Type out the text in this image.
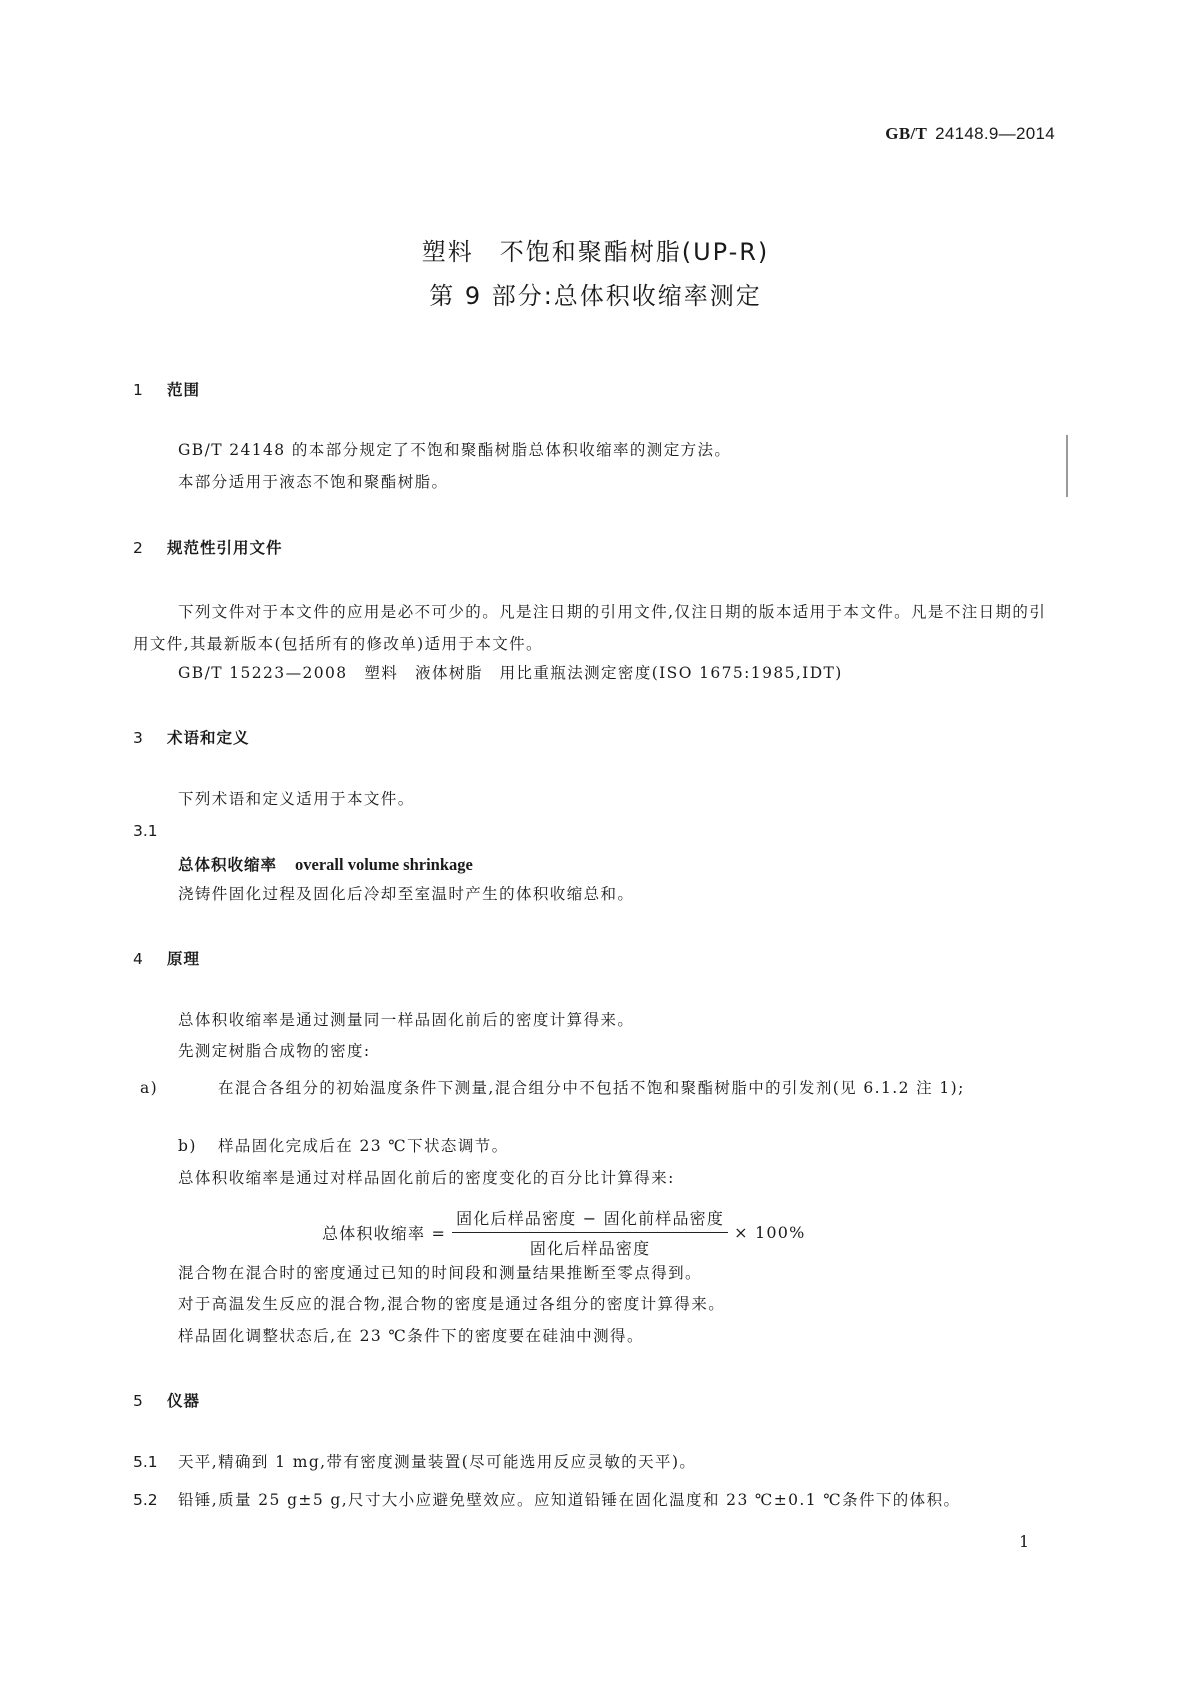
GB/T 24148.9—2014
塑料　不饱和聚酯树脂(UP-R)
第 9 部分:总体积收缩率测定
1 范围
GB/T 24148 的本部分规定了不饱和聚酯树脂总体积收缩率的测定方法。
本部分适用于液态不饱和聚酯树脂。
2 规范性引用文件
下列文件对于本文件的应用是必不可少的。凡是注日期的引用文件,仅注日期的版本适用于本文件。凡是不注日期的引用文件,其最新版本(包括所有的修改单)适用于本文件。
GB/T 15223—2008　塑料　液体树脂　用比重瓶法测定密度(ISO 1675:1985,IDT)
3 术语和定义
下列术语和定义适用于本文件。
3.1
总体积收缩率 overall volume shrinkage
浇铸件固化过程及固化后冷却至室温时产生的体积收缩总和。
4 原理
总体积收缩率是通过测量同一样品固化前后的密度计算得来。
先测定树脂合成物的密度:
a)	在混合各组分的初始温度条件下测量,混合组分中不包括不饱和聚酯树脂中的引发剂(见 6.1.2 注 1);
b) 样品固化完成后在 23 ℃下状态调节。
总体积收缩率是通过对样品固化前后的密度变化的百分比计算得来:
总体积收缩率 = $\frac{\text{固化后样品密度 − 固化前样品密度}}{\text{固化后样品密度}} \times 100\%$
混合物在混合时的密度通过已知的时间段和测量结果推断至零点得到。
对于高温发生反应的混合物,混合物的密度是通过各组分的密度计算得来。
样品固化调整状态后,在 23 ℃条件下的密度要在硅油中测得。
5 仪器
5.1 天平,精确到 1 mg,带有密度测量装置(尽可能选用反应灵敏的天平)。
5.2 铅锤,质量 25 g±5 g,尺寸大小应避免壁效应。应知道铅锤在固化温度和 23 ℃±0.1 ℃条件下的体积。
1
